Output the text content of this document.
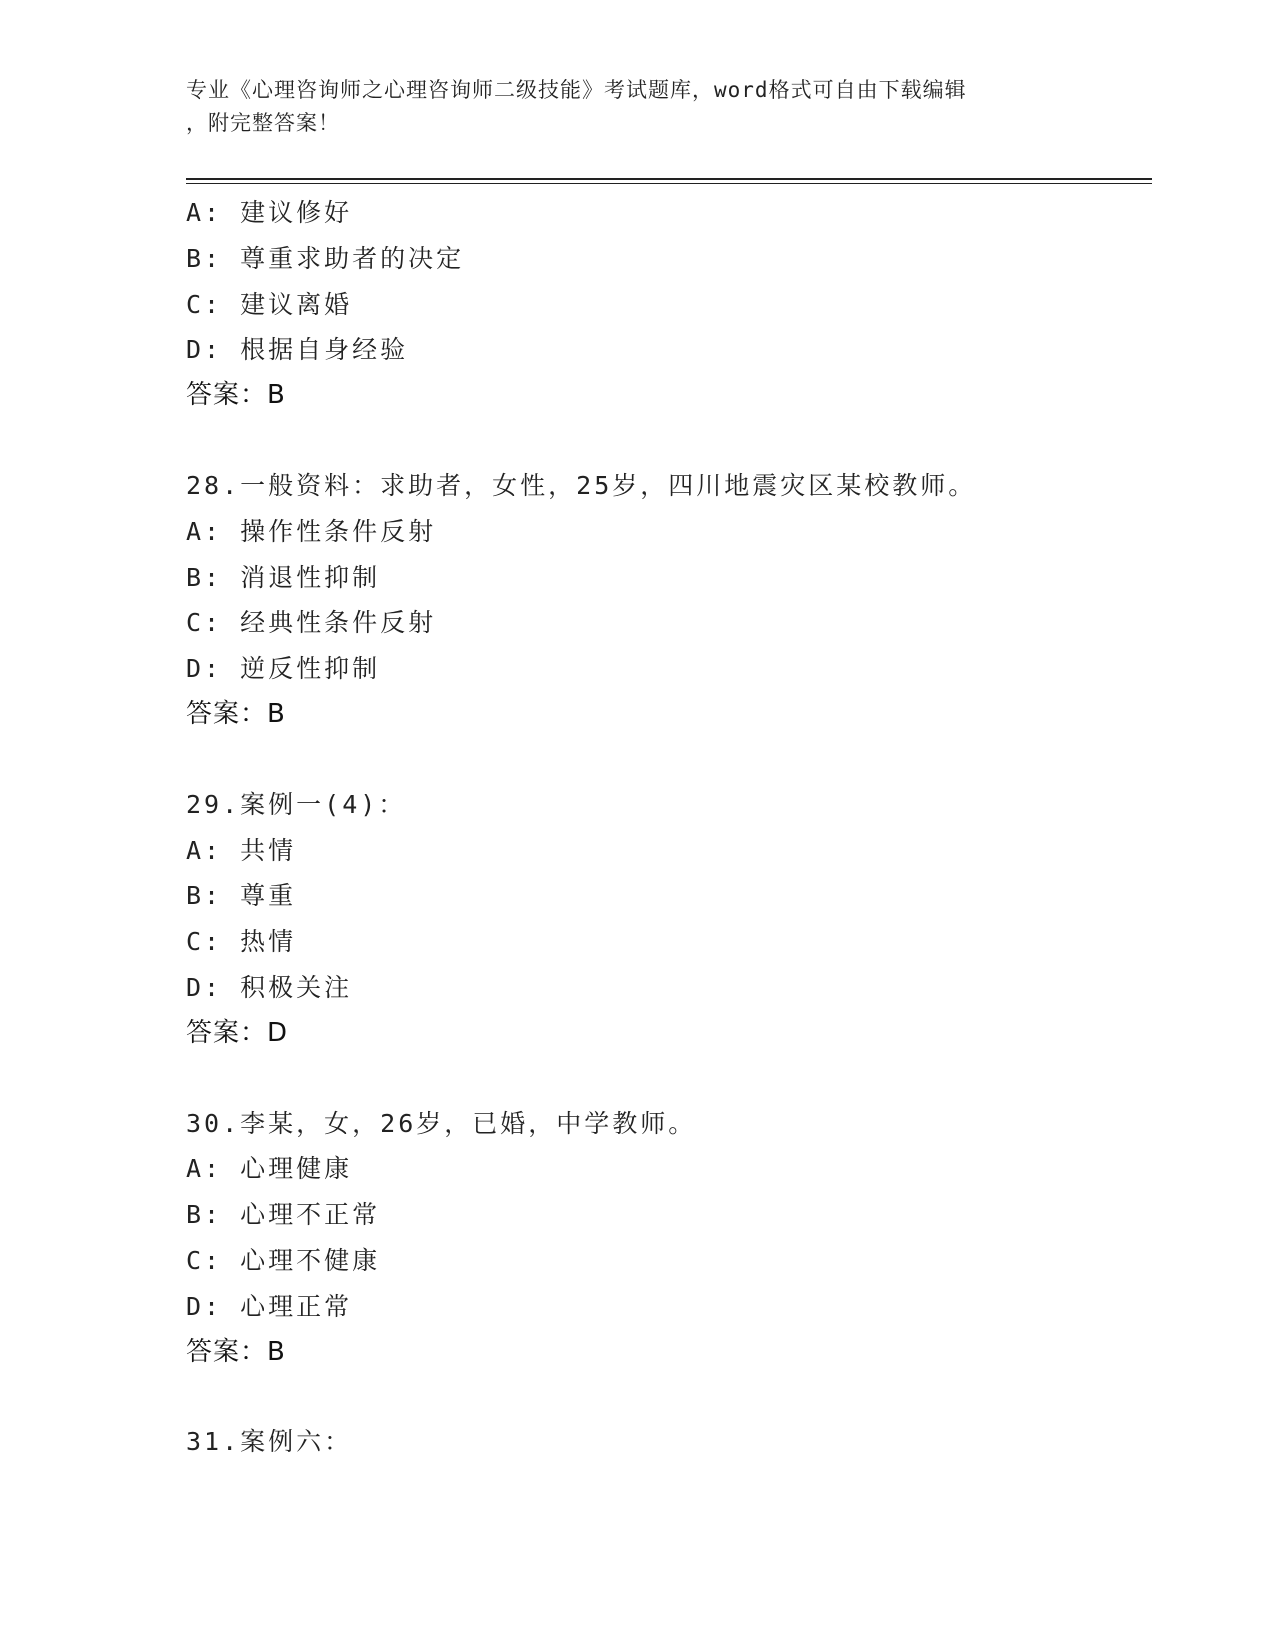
专业《心理咨询师之心理咨询师二级技能》考试题库，word格式可自由下载编辑
，附完整答案！
A: 建议修好
B: 尊重求助者的决定
C: 建议离婚
D: 根据自身经验
答案：B
28.一般资料：求助者，女性，25岁，四川地震灾区某校教师。
A: 操作性条件反射
B: 消退性抑制
C: 经典性条件反射
D: 逆反性抑制
答案：B
29.案例一(4)：
A: 共情
B: 尊重
C: 热情
D: 积极关注
答案：D
30.李某，女，26岁，已婚，中学教师。
A: 心理健康
B: 心理不正常
C: 心理不健康
D: 心理正常
答案：B
31.案例六：
